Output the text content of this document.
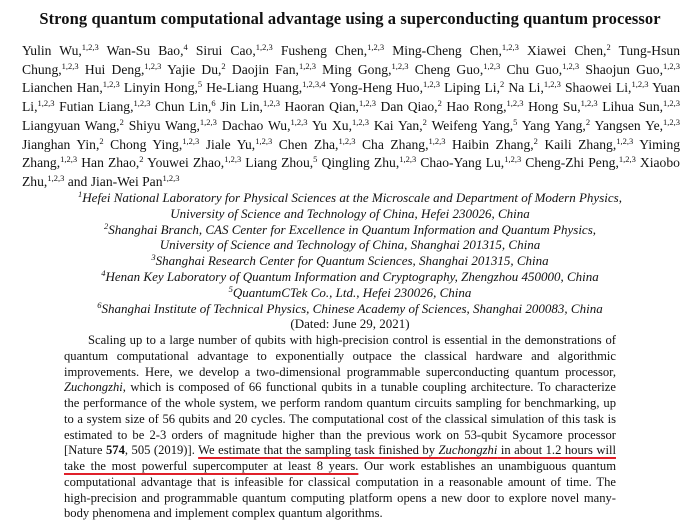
Strong quantum computational advantage using a superconducting quantum processor
Yulin Wu,$^{1,2,3}$ Wan-Su Bao,$^4$ Sirui Cao,$^{1,2,3}$ Fusheng Chen,$^{1,2,3}$ Ming-Cheng Chen,$^{1,2,3}$ Xiawei Chen,$^2$ Tung-Hsun Chung,$^{1,2,3}$ Hui Deng,$^{1,2,3}$ Yajie Du,$^2$ Daojin Fan,$^{1,2,3}$ Ming Gong,$^{1,2,3}$ Cheng Guo,$^{1,2,3}$ Chu Guo,$^{1,2,3}$ Shaojun Guo,$^{1,2,3}$ Lianchen Han,$^{1,2,3}$ Linyin Hong,$^5$ He-Liang Huang,$^{1,2,3,4}$ Yong-Heng Huo,$^{1,2,3}$ Liping Li,$^2$ Na Li,$^{1,2,3}$ Shaowei Li,$^{1,2,3}$ Yuan Li,$^{1,2,3}$ Futian Liang,$^{1,2,3}$ Chun Lin,$^6$ Jin Lin,$^{1,2,3}$ Haoran Qian,$^{1,2,3}$ Dan Qiao,$^2$ Hao Rong,$^{1,2,3}$ Hong Su,$^{1,2,3}$ Lihua Sun,$^{1,2,3}$ Liangyuan Wang,$^2$ Shiyu Wang,$^{1,2,3}$ Dachao Wu,$^{1,2,3}$ Yu Xu,$^{1,2,3}$ Kai Yan,$^2$ Weifeng Yang,$^5$ Yang Yang,$^2$ Yangsen Ye,$^{1,2,3}$ Jianghan Yin,$^2$ Chong Ying,$^{1,2,3}$ Jiale Yu,$^{1,2,3}$ Chen Zha,$^{1,2,3}$ Cha Zhang,$^{1,2,3}$ Haibin Zhang,$^2$ Kaili Zhang,$^{1,2,3}$ Yiming Zhang,$^{1,2,3}$ Han Zhao,$^2$ Youwei Zhao,$^{1,2,3}$ Liang Zhou,$^5$ Qingling Zhu,$^{1,2,3}$ Chao-Yang Lu,$^{1,2,3}$ Cheng-Zhi Peng,$^{1,2,3}$ Xiaobo Zhu,$^{1,2,3}$ and Jian-Wei Pan$^{1,2,3}$
$^1$Hefei National Laboratory for Physical Sciences at the Microscale and Department of Modern Physics,
University of Science and Technology of China, Hefei 230026, China
$^2$Shanghai Branch, CAS Center for Excellence in Quantum Information and Quantum Physics,
University of Science and Technology of China, Shanghai 201315, China
$^3$Shanghai Research Center for Quantum Sciences, Shanghai 201315, China
$^4$Henan Key Laboratory of Quantum Information and Cryptography, Zhengzhou 450000, China
$^5$QuantumCTek Co., Ltd., Hefei 230026, China
$^6$Shanghai Institute of Technical Physics, Chinese Academy of Sciences, Shanghai 200083, China
(Dated: June 29, 2021)

Scaling up to a large number of qubits with high-precision control is essential in the demonstrations of quantum computational advantage to exponentially outpace the classical hardware and algorithmic improvements. Here, we develop a two-dimensional programmable superconducting quantum processor, Zuchongzhi, which is composed of 66 functional qubits in a tunable coupling architecture. To characterize the performance of the whole system, we perform random quantum circuits sampling for benchmarking, up to a system size of 56 qubits and 20 cycles. The computational cost of the classical simulation of this task is estimated to be 2-3 orders of magnitude higher than the previous work on 53-qubit Sycamore processor [Nature 574, 505 (2019)]. We estimate that the sampling task finished by Zuchongzhi in about 1.2 hours will take the most powerful supercomputer at least 8 years. Our work establishes an unambiguous quantum computational advantage that is infeasible for classical computation in a reasonable amount of time. The high-precision and programmable quantum computing platform opens a new door to explore novel many-body phenomena and implement complex quantum algorithms.
